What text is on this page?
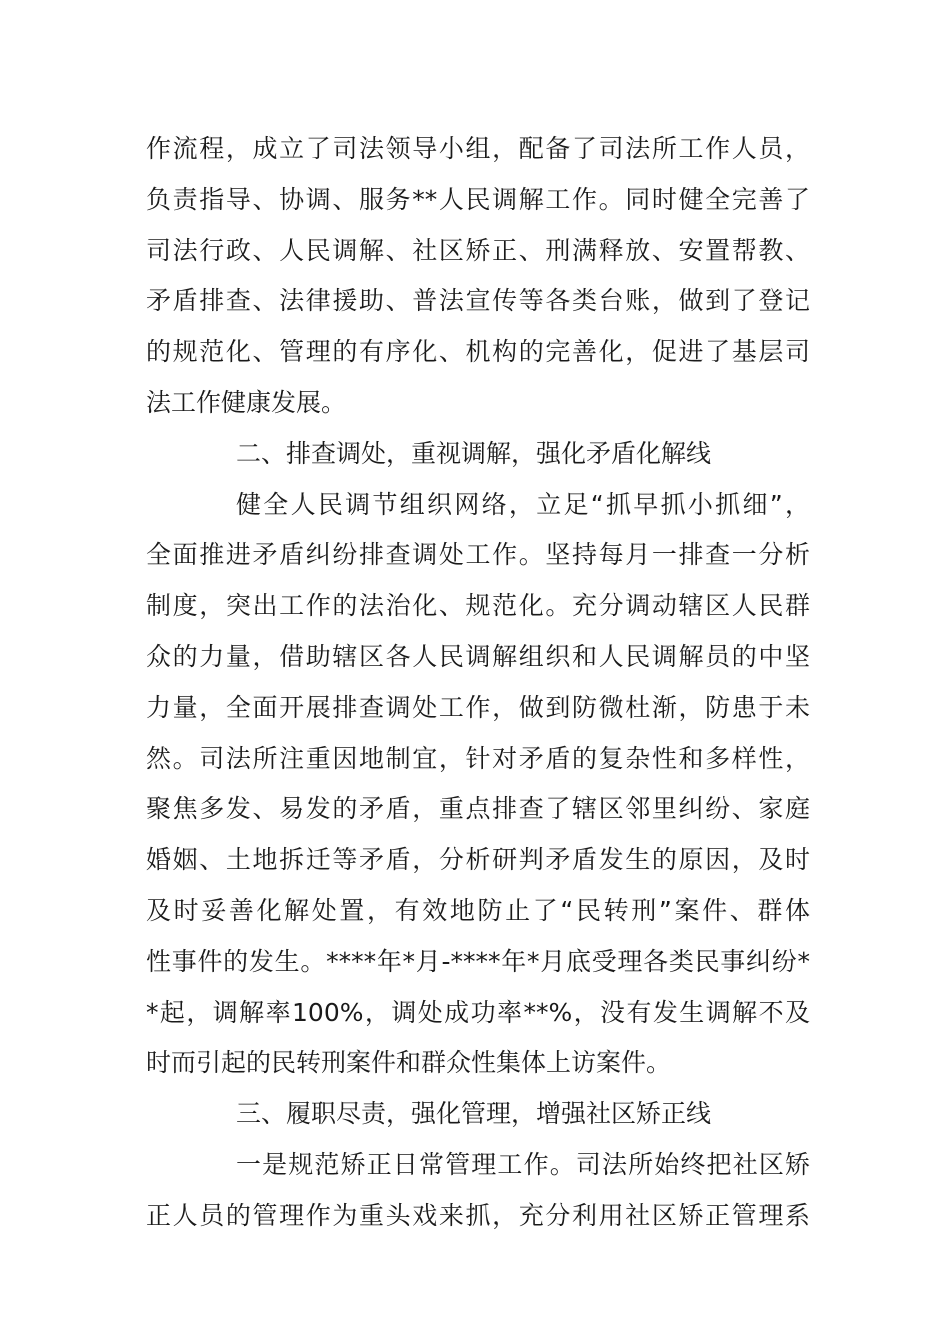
作流程，成立了司法领导小组，配备了司法所工作人员，
负责指导、协调、服务**人民调解工作。同时健全完善了
司法行政、人民调解、社区矫正、刑满释放、安置帮教、
矛盾排查、法律援助、普法宣传等各类台账，做到了登记
的规范化、管理的有序化、机构的完善化，促进了基层司
法工作健康发展。
二、排查调处，重视调解，强化矛盾化解线
健全人民调节组织网络，立足“抓早抓小抓细”，
全面推进矛盾纠纷排查调处工作。坚持每月一排查一分析
制度，突出工作的法治化、规范化。充分调动辖区人民群
众的力量，借助辖区各人民调解组织和人民调解员的中坚
力量，全面开展排查调处工作，做到防微杜渐，防患于未
然。司法所注重因地制宜，针对矛盾的复杂性和多样性，
聚焦多发、易发的矛盾，重点排查了辖区邻里纠纷、家庭
婚姻、土地拆迁等矛盾，分析研判矛盾发生的原因，及时
及时妥善化解处置，有效地防止了“民转刑”案件、群体
性事件的发生。****年*月-****年*月底受理各类民事纠纷*
*起，调解率100%，调处成功率**%，没有发生调解不及
时而引起的民转刑案件和群众性集体上访案件。
三、履职尽责，强化管理，增强社区矫正线
一是规范矫正日常管理工作。司法所始终把社区矫
正人员的管理作为重头戏来抓，充分利用社区矫正管理系
